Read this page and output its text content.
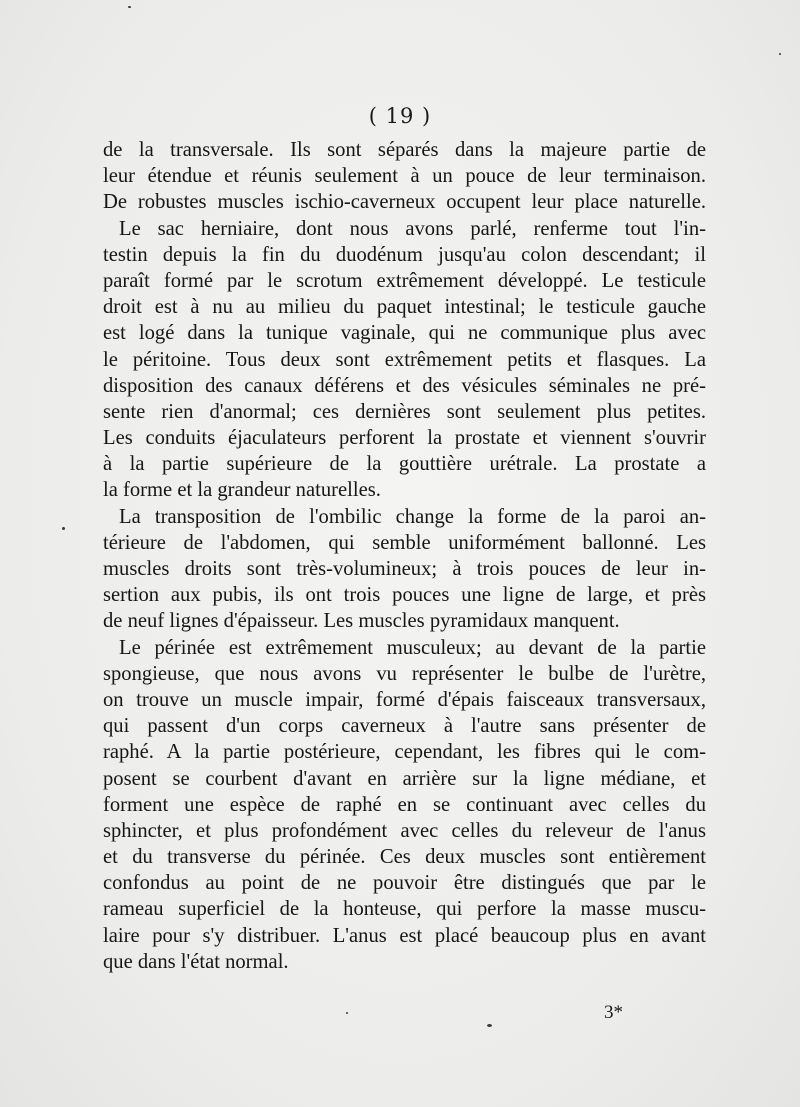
( 19 )

de la transversale. Ils sont séparés dans la majeure partie de
leur étendue et réunis seulement à un pouce de leur terminaison.
De robustes muscles ischio-caverneux occupent leur place naturelle.

Le sac herniaire, dont nous avons parlé, renferme tout l'in-
testin depuis la fin du duodénum jusqu'au colon descendant; il
paraît formé par le scrotum extrêmement développé. Le testicule
droit est à nu au milieu du paquet intestinal; le testicule gauche
est logé dans la tunique vaginale, qui ne communique plus avec
le péritoine. Tous deux sont extrêmement petits et flasques. La
disposition des canaux déférens et des vésicules séminales ne pré-
sente rien d'anormal; ces dernières sont seulement plus petites.
Les conduits éjaculateurs perforent la prostate et viennent s'ouvrir
à la partie supérieure de la gouttière urétrale. La prostate a
la forme et la grandeur naturelles.

La transposition de l'ombilic change la forme de la paroi an-
térieure de l'abdomen, qui semble uniformément ballonné. Les
muscles droits sont très-volumineux; à trois pouces de leur in-
sertion aux pubis, ils ont trois pouces une ligne de large, et près
de neuf lignes d'épaisseur. Les muscles pyramidaux manquent.

Le périnée est extrêmement musculeux; au devant de la partie
spongieuse, que nous avons vu représenter le bulbe de l'urètre,
on trouve un muscle impair, formé d'épais faisceaux transversaux,
qui passent d'un corps caverneux à l'autre sans présenter de
raphé. A la partie postérieure, cependant, les fibres qui le com-
posent se courbent d'avant en arrière sur la ligne médiane, et
forment une espèce de raphé en se continuant avec celles du
sphincter, et plus profondément avec celles du releveur de l'anus
et du transverse du périnée. Ces deux muscles sont entièrement
confondus au point de ne pouvoir être distingués que par le
rameau superficiel de la honteuse, qui perfore la masse muscu-
laire pour s'y distribuer. L'anus est placé beaucoup plus en avant
que dans l'état normal.

3*
